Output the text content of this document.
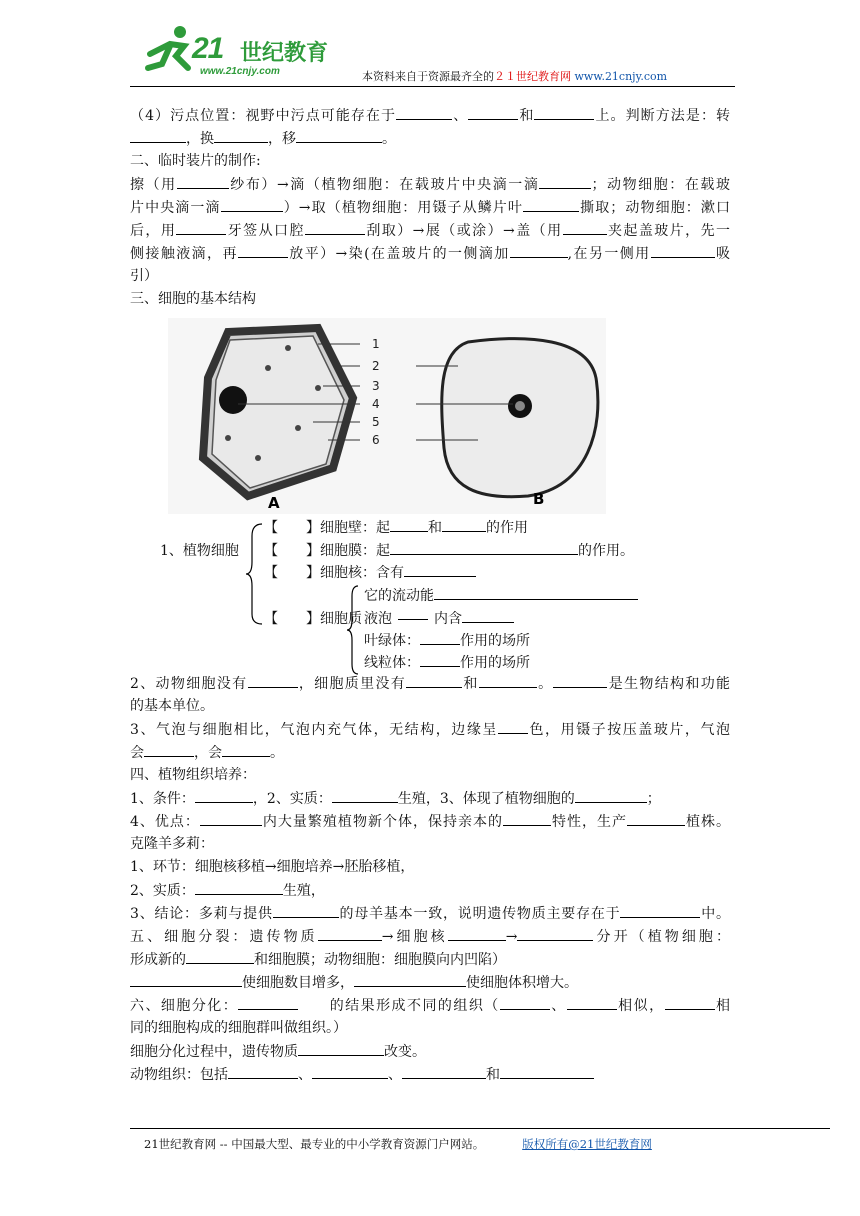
21 世纪教育
www.21cnjy.com	本资料来自于资源最齐全的２１世纪教育网 www.21cnjy.com
（4）污点位置：视野中污点可能存在于	、	和	上。判断方法是：转
，换	，移	。
二、临时装片的制作:
擦（用	纱布）→滴（植物细胞：在载玻片中央滴一滴	；动物细胞：在载玻
片中央滴一滴	）→取（植物细胞：用镊子从鳞片叶	撕取；动物细胞：漱口
后，用	牙签从口腔	刮取）→展（或涂）→盖（用	夹起盖玻片，先一
侧接触液滴，再	放平）→染(在盖玻片的一侧滴加	,在另一侧用	吸
引）
三、细胞的基本结构
1
2
3
4
5
6
A	B
1、植物细胞
【　　】细胞壁：起	和	的作用
【　　】细胞膜：起	的作用。
【　　】细胞核：含有
【　　】细胞质
它的流动能
液泡	内含
叶绿体：	作用的场所
线粒体：	作用的场所
2、动物细胞没有	，细胞质里没有	和	。	是生物结构和功能
的基本单位。
3、气泡与细胞相比，气泡内充气体，无结构，边缘呈 色，用镊子按压盖玻片，气泡
会	，会	。
四、植物组织培养：
1、条件：	，2、实质：	生殖，3、体现了植物细胞的	；
4、优点：	内大量繁殖植物新个体，保持亲本的	特性，生产	植株。
克隆羊多莉：
1、环节：细胞核移植→细胞培养→胚胎移植，
2、实质：	生殖，
3、结论：多莉与提供	的母羊基本一致，说明遗传物质主要存在于	中。
五、细胞分裂：遗传物质	→细胞核	→	分开（植物细胞：
形成新的	和细胞膜；动物细胞：细胞膜向内凹陷）
使细胞数目增多，	使细胞体积增大。
六、细胞分化：	的结果形成不同的组织（	、	相似，	相
同的细胞构成的细胞群叫做组织。）
细胞分化过程中，遗传物质	改变。
动物组织：包括	、	、	和
21世纪教育网 -- 中国最大型、最专业的中小学教育资源门户网站。	版权所有@21世纪教育网
